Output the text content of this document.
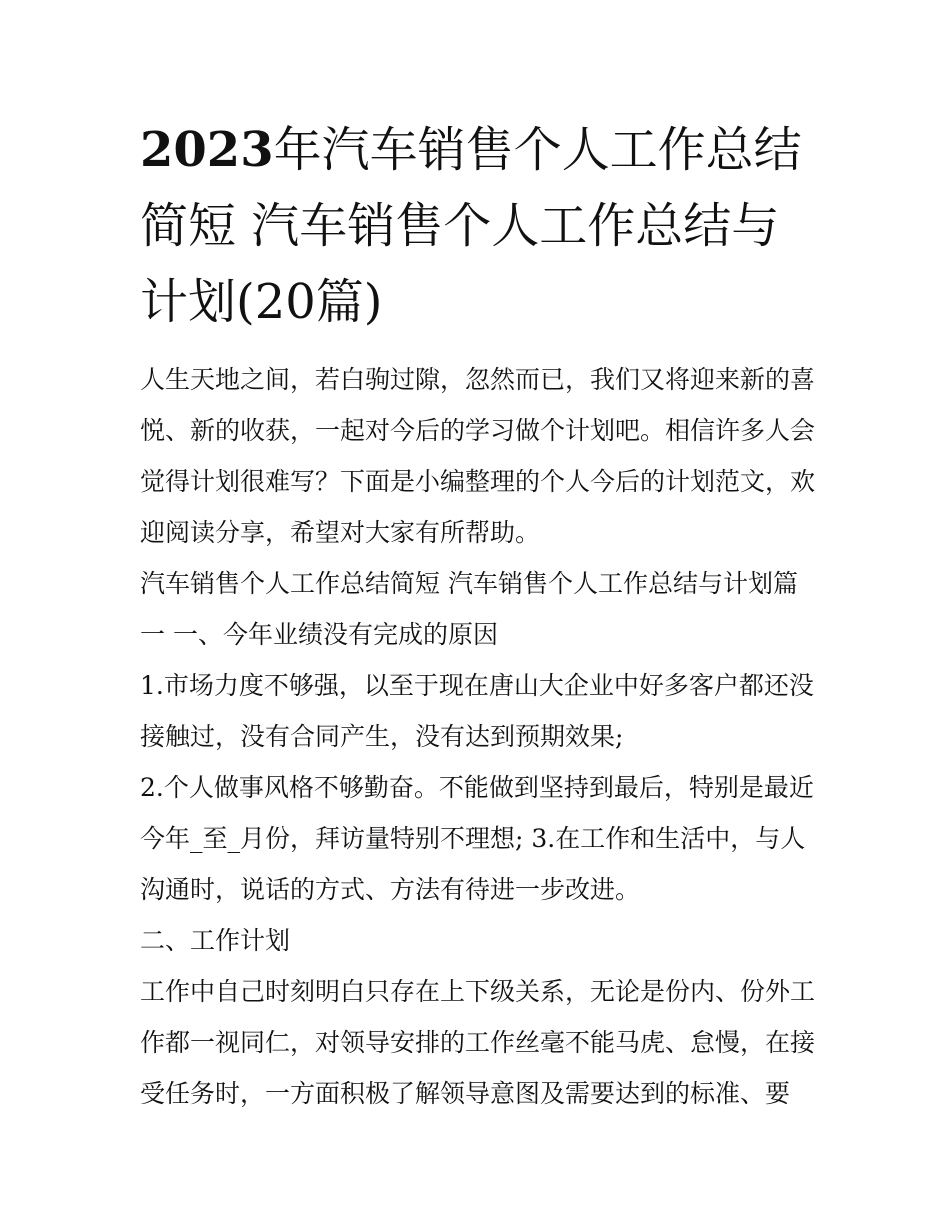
2023年汽车销售个人工作总结简短 汽车销售个人工作总结与计划(20篇)

人生天地之间，若白驹过隙，忽然而已，我们又将迎来新的喜悦、新的收获，一起对今后的学习做个计划吧。相信许多人会觉得计划很难写？下面是小编整理的个人今后的计划范文，欢迎阅读分享，希望对大家有所帮助。

汽车销售个人工作总结简短 汽车销售个人工作总结与计划篇一 一、今年业绩没有完成的原因

1.市场力度不够强，以至于现在唐山大企业中好多客户都还没接触过，没有合同产生，没有达到预期效果;

2.个人做事风格不够勤奋。不能做到坚持到最后，特别是最近今年_至_月份，拜访量特别不理想; 3.在工作和生活中，与人沟通时，说话的方式、方法有待进一步改进。

二、工作计划

工作中自己时刻明白只存在上下级关系，无论是份内、份外工作都一视同仁，对领导安排的工作丝毫不能马虎、怠慢，在接受任务时，一方面积极了解领导意图及需要达到的标准、要
